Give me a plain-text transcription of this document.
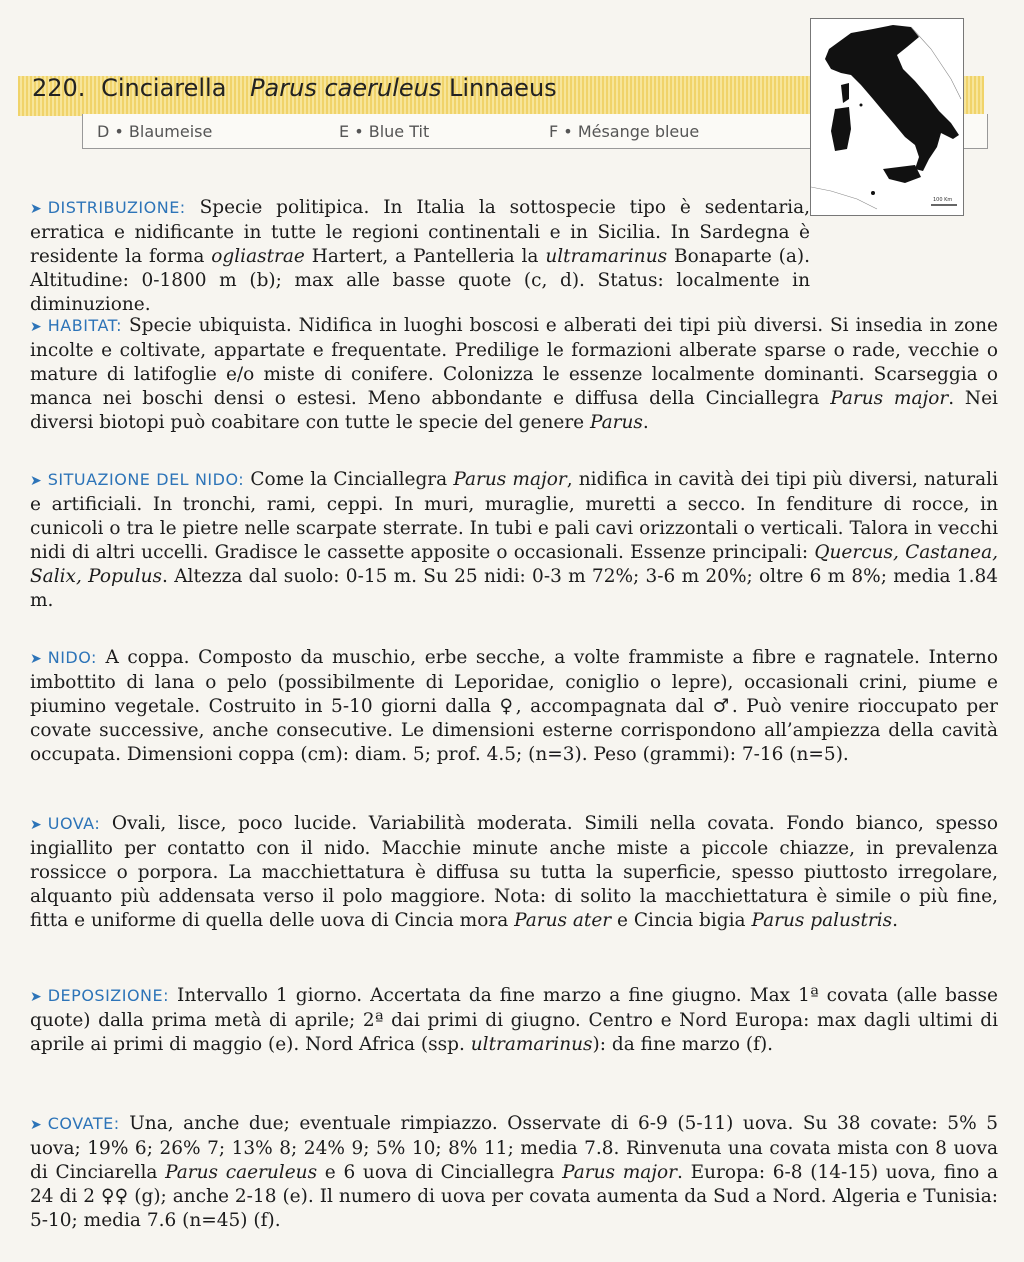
220. Cinciarella Parus caeruleus Linnaeus
D • Blaumeise	E • Blue Tit	F • Mésange bleue
100 Km
➤ DISTRIBUZIONE: Specie politipica. In Italia la sottospecie tipo è sedentaria, erratica e nidificante in tutte le regioni continentali e in Sicilia. In Sardegna è residente la forma ogliastrae Hartert, a Pantelleria la ultramarinus Bonaparte (a). Altitudine: 0-1800 m (b); max alle basse quote (c, d). Status: localmente in diminuzione.
➤ HABITAT: Specie ubiquista. Nidifica in luoghi boscosi e alberati dei tipi più diversi. Si insedia in zone incolte e coltivate, appartate e frequentate. Predilige le formazioni alberate sparse o rade, vecchie o mature di latifoglie e/o miste di conifere. Colonizza le essenze localmente dominanti. Scarseggia o manca nei boschi densi o estesi. Meno abbondante e diffusa della Cinciallegra Parus major. Nei diversi biotopi può coabitare con tutte le specie del genere Parus.
➤ SITUAZIONE DEL NIDO: Come la Cinciallegra Parus major, nidifica in cavità dei tipi più diversi, naturali e artificiali. In tronchi, rami, ceppi. In muri, muraglie, muretti a secco. In fenditure di rocce, in cunicoli o tra le pietre nelle scarpate sterrate. In tubi e pali cavi orizzontali o verticali. Talora in vecchi nidi di altri uccelli. Gradisce le cassette apposite o occasionali. Essenze principali: Quercus, Castanea, Salix, Populus. Altezza dal suolo: 0-15 m. Su 25 nidi: 0-3 m 72%; 3-6 m 20%; oltre 6 m 8%; media 1.84 m.
➤ NIDO: A coppa. Composto da muschio, erbe secche, a volte frammiste a fibre e ragnatele. Interno imbottito di lana o pelo (possibilmente di Leporidae, coniglio o lepre), occasionali crini, piume e piumino vegetale. Costruito in 5-10 giorni dalla ♀, accompagnata dal ♂. Può venire rioccupato per covate successive, anche consecutive. Le dimensioni esterne corrispondono all’ampiezza della cavità occupata. Dimensioni coppa (cm): diam. 5; prof. 4.5; (n=3). Peso (grammi): 7-16 (n=5).
➤ UOVA: Ovali, lisce, poco lucide. Variabilità moderata. Simili nella covata. Fondo bianco, spesso ingiallito per contatto con il nido. Macchie minute anche miste a piccole chiazze, in prevalenza rossicce o porpora. La macchiettatura è diffusa su tutta la superficie, spesso piuttosto irregolare, alquanto più addensata verso il polo maggiore. Nota: di solito la macchiettatura è simile o più fine, fitta e uniforme di quella delle uova di Cincia mora Parus ater e Cincia bigia Parus palustris.
➤ DEPOSIZIONE: Intervallo 1 giorno. Accertata da fine marzo a fine giugno. Max 1ª covata (alle basse quote) dalla prima metà di aprile; 2ª dai primi di giugno. Centro e Nord Europa: max dagli ultimi di aprile ai primi di maggio (e). Nord Africa (ssp. ultramarinus): da fine marzo (f).
➤ COVATE: Una, anche due; eventuale rimpiazzo. Osservate di 6-9 (5-11) uova. Su 38 covate: 5% 5 uova; 19% 6; 26% 7; 13% 8; 24% 9; 5% 10; 8% 11; media 7.8. Rinvenuta una covata mista con 8 uova di Cinciarella Parus caeruleus e 6 uova di Cinciallegra Parus major. Europa: 6-8 (14-15) uova, fino a 24 di 2 ♀♀ (g); anche 2-18 (e). Il numero di uova per covata aumenta da Sud a Nord. Algeria e Tunisia: 5-10; media 7.6 (n=45) (f).
